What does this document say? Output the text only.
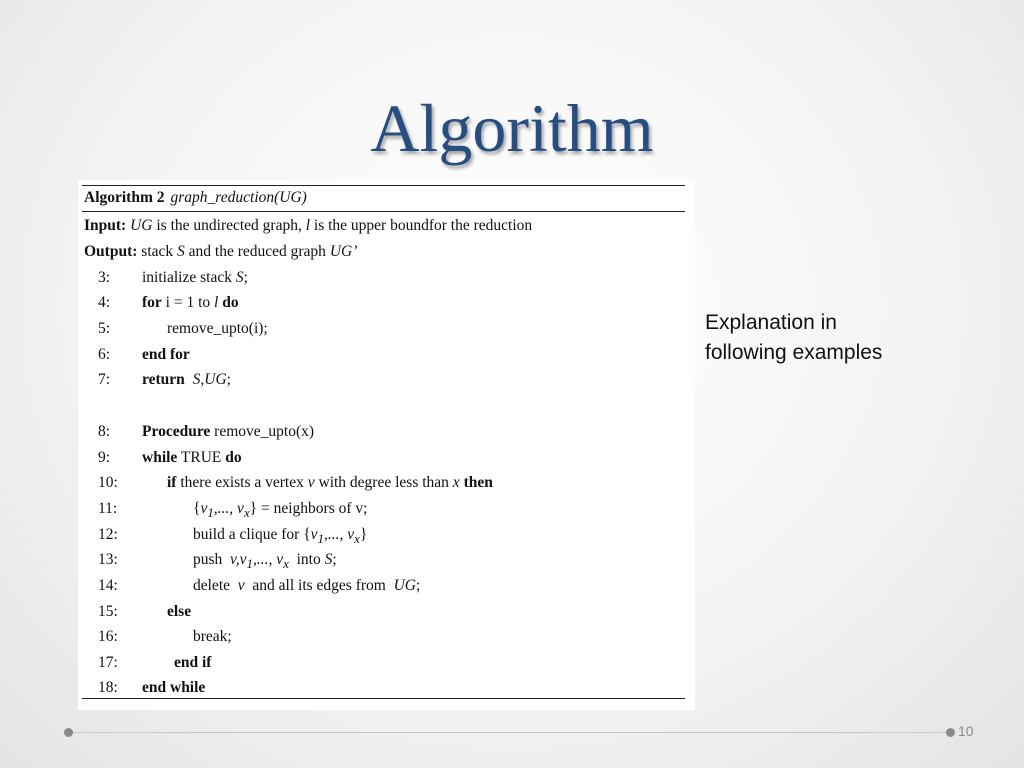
Algorithm
Algorithm 2 graph_reduction(UG)
Input: UG is the undirected graph, l is the upper boundfor the reduction
Output: stack S and the reduced graph UG’
3:	initialize stack S;
4:	for i = 1 to l do
5:	remove_upto(i);
6:	end for
7:	return S,UG;
8:	Procedure remove_upto(x)
9:	while TRUE do
10:	if there exists a vertex v with degree less than x then
11:	{$v_1$,..., $v_x$} = neighbors of v;
12:	build a clique for {$v_1$,..., $v_x$}
13:	push  $v,v_1$,..., $v_x$  into S;
14:	delete  v  and all its edges from  UG;
15:	else
16:	break;
17:	end if
18:	end while
Explanation in following examples
10
